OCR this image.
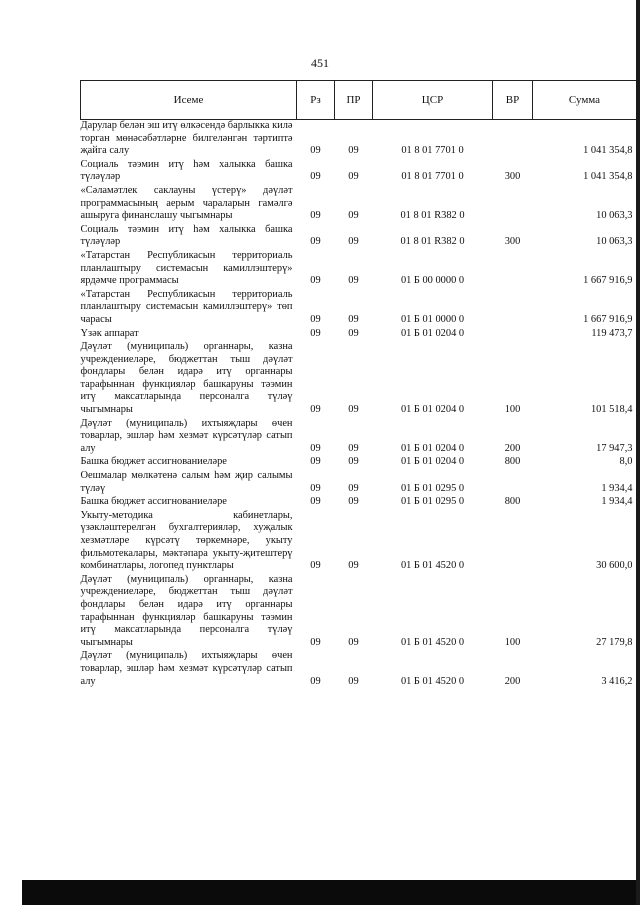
451
Исеме	Рз	ПР	ЦСР	ВР	Сумма
Дарулар белән эш итү өлкәсендә барлыкка килә торган мөнәсәбәтләрне билгеләнгән тәртиптә җайга салу	09	09	01 8 01 7701 0		1 041 354,8
Социаль тәэмин итү һәм халыкка башка түләүләр	09	09	01 8 01 7701 0	300	1 041 354,8
«Сәламәтлек саклауны үстерү» дәүләт программасының аерым чараларын гамәлгә ашыруга финанслашу чыгымнары	09	09	01 8 01 R382 0		10 063,3
Социаль тәэмин итү һәм халыкка башка түләүләр	09	09	01 8 01 R382 0	300	10 063,3
«Татарстан Республикасын территориаль планлаштыру системасын камиллэштерү» ярдәмче программасы	09	09	01 Б 00 0000 0		1 667 916,9
«Татарстан Республикасын территориаль планлаштыру системасын камиллэштерү» төп чарасы	09	09	01 Б 01 0000 0		1 667 916,9
Үзәк аппарат	09	09	01 Б 01 0204 0		119 473,7
Дәүләт (муниципаль) органнары, казна учреждениеләре, бюджеттан тыш дәүләт фондлары белән идарә итү органнары тарафыннан функцияләр башкаруны тәэмин итү максатларында персоналга түләү чыгымнары	09	09	01 Б 01 0204 0	100	101 518,4
Дәүләт (муниципаль) ихтыяҗлары өчен товарлар, эшләр һәм хезмәт күрсәтүләр сатып алу	09	09	01 Б 01 0204 0	200	17 947,3
Башка бюджет ассигнованиеләре	09	09	01 Б 01 0204 0	800	8,0
Оешмалар мөлкәтенә салым һәм җир салымы түләү	09	09	01 Б 01 0295 0		1 934,4
Башка бюджет ассигнованиеләре	09	09	01 Б 01 0295 0	800	1 934,4
Укыту-методика кабинетлары, үзәкләштерелгән бухгалтерияләр, хуҗалык хезмәтләре күрсәтү төркемнәре, укыту фильмотекалары, мәктәпара укыту-җитештерү комбинатлары, логопед пунктлары	09	09	01 Б 01 4520 0		30 600,0
Дәүләт (муниципаль) органнары, казна учреждениеләре, бюджеттан тыш дәүләт фондлары белән идарә итү органнары тарафыннан функцияләр башкаруны тәэмин итү максатларында персоналга түләү чыгымнары	09	09	01 Б 01 4520 0	100	27 179,8
Дәүләт (муниципаль) ихтыяҗлары өчен товарлар, эшләр һәм хезмәт күрсәтүләр сатып алу	09	09	01 Б 01 4520 0	200	3 416,2
